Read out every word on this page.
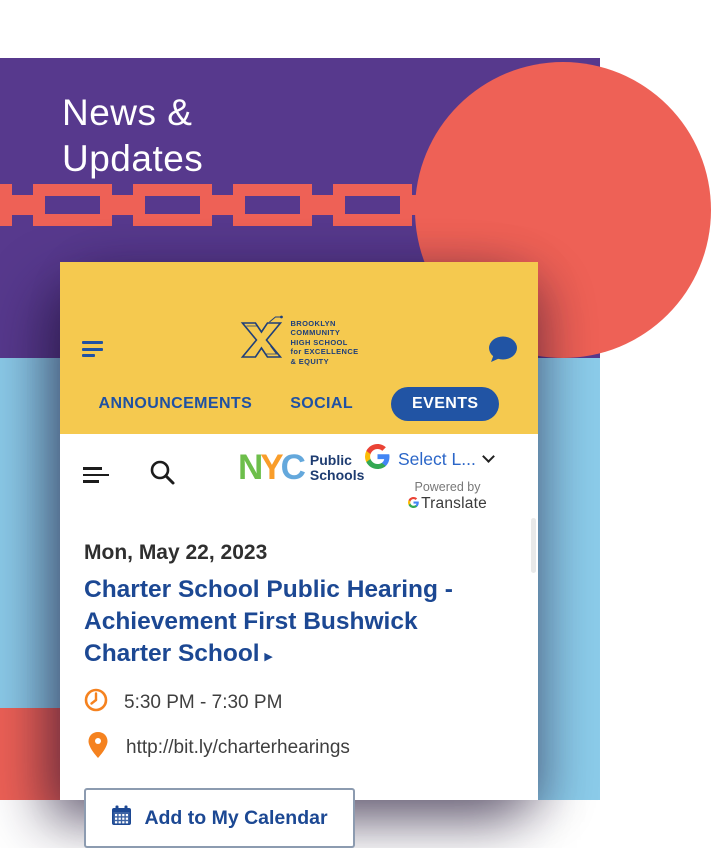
News &
Updates
BROOKLYN
COMMUNITY
HIGH SCHOOL
for EXCELLENCE
& EQUITY
ANNOUNCEMENTS SOCIAL	EVENTS
NYC Public
Schools
Select L...
Powered by
Translate
Mon, May 22, 2023
Charter School Public Hearing -
Achievement First Bushwick
Charter School ▸
5:30 PM - 7:30 PM
http://bit.ly/charterhearings
Add to My Calendar
